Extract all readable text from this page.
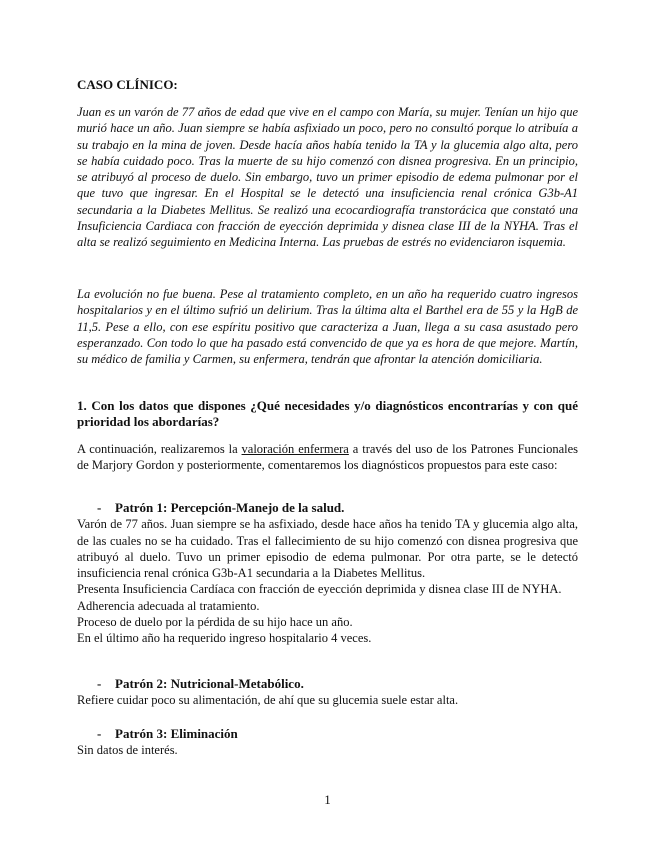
CASO CLÍNICO:
Juan es un varón de 77 años de edad que vive en el campo con María, su mujer. Tenían un hijo que murió hace un año. Juan siempre se había asfixiado un poco, pero no consultó porque lo atribuía a su trabajo en la mina de joven. Desde hacía años había tenido la TA y la glucemia algo alta, pero se había cuidado poco. Tras la muerte de su hijo comenzó con disnea progresiva. En un principio, se atribuyó al proceso de duelo. Sin embargo, tuvo un primer episodio de edema pulmonar por el que tuvo que ingresar. En el Hospital se le detectó una insuficiencia renal crónica G3b-A1 secundaria a la Diabetes Mellitus. Se realizó una ecocardiografía transtorácica que constató una Insuficiencia Cardiaca con fracción de eyección deprimida y disnea clase III de la NYHA. Tras el alta se realizó seguimiento en Medicina Interna. Las pruebas de estrés no evidenciaron isquemia.
La evolución no fue buena. Pese al tratamiento completo, en un año ha requerido cuatro ingresos hospitalarios y en el último sufrió un delirium. Tras la última alta el Barthel era de 55 y la HgB de 11,5. Pese a ello, con ese espíritu positivo que caracteriza a Juan, llega a su casa asustado pero esperanzado. Con todo lo que ha pasado está convencido de que ya es hora de que mejore. Martín, su médico de familia y Carmen, su enfermera, tendrán que afrontar la atención domiciliaria.
1. Con los datos que dispones ¿Qué necesidades y/o diagnósticos encontrarías y con qué prioridad los abordarías?
A continuación, realizaremos la valoración enfermera a través del uso de los Patrones Funcionales de Marjory Gordon y posteriormente, comentaremos los diagnósticos propuestos para este caso:
- Patrón 1: Percepción-Manejo de la salud.
Varón de 77 años. Juan siempre se ha asfixiado, desde hace años ha tenido TA y glucemia algo alta, de las cuales no se ha cuidado. Tras el fallecimiento de su hijo comenzó con disnea progresiva que atribuyó al duelo. Tuvo un primer episodio de edema pulmonar. Por otra parte, se le detectó insuficiencia renal crónica G3b-A1 secundaria a la Diabetes Mellitus.
Presenta Insuficiencia Cardíaca con fracción de eyección deprimida y disnea clase III de NYHA.
Adherencia adecuada al tratamiento.
Proceso de duelo por la pérdida de su hijo hace un año.
En el último año ha requerido ingreso hospitalario 4 veces.
- Patrón 2: Nutricional-Metabólico.
Refiere cuidar poco su alimentación, de ahí que su glucemia suele estar alta.
- Patrón 3: Eliminación
Sin datos de interés.
1
